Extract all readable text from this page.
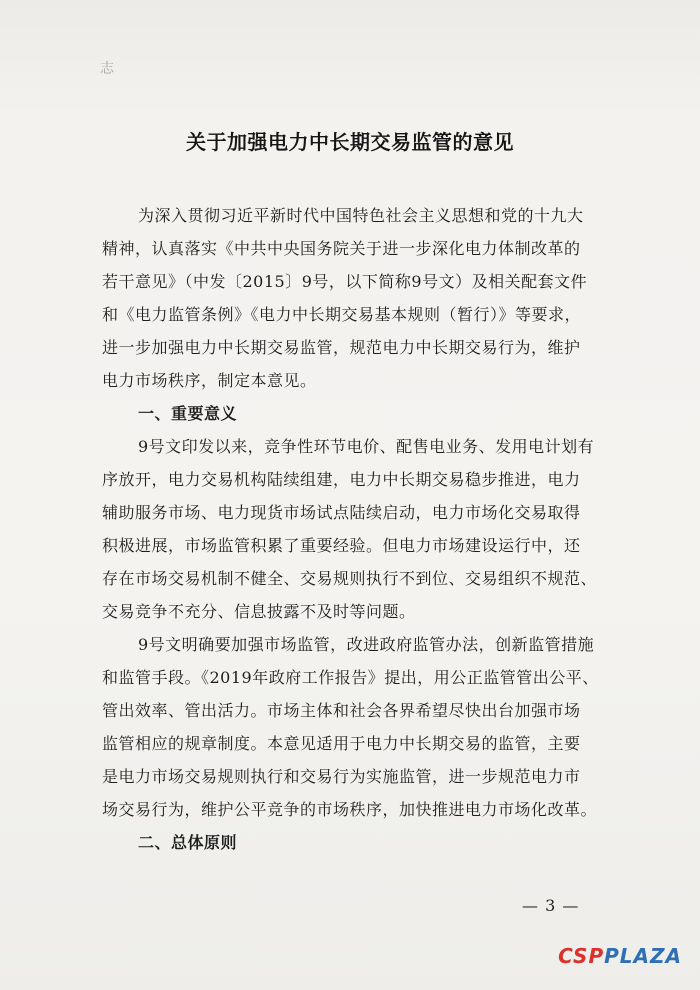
志
关于加强电力中长期交易监管的意见
为深入贯彻习近平新时代中国特色社会主义思想和党的十九大
精神，认真落实《中共中央国务院关于进一步深化电力体制改革的
若干意见》（中发〔2015〕9号，以下简称9号文）及相关配套文件
和《电力监管条例》《电力中长期交易基本规则（暂行）》等要求，
进一步加强电力中长期交易监管，规范电力中长期交易行为，维护
电力市场秩序，制定本意见。
一、重要意义
9号文印发以来，竞争性环节电价、配售电业务、发用电计划有
序放开，电力交易机构陆续组建，电力中长期交易稳步推进，电力
辅助服务市场、电力现货市场试点陆续启动，电力市场化交易取得
积极进展，市场监管积累了重要经验。但电力市场建设运行中，还
存在市场交易机制不健全、交易规则执行不到位、交易组织不规范、
交易竞争不充分、信息披露不及时等问题。
9号文明确要加强市场监管，改进政府监管办法，创新监管措施
和监管手段。《2019年政府工作报告》提出，用公正监管管出公平、
管出效率、管出活力。市场主体和社会各界希望尽快出台加强市场
监管相应的规章制度。本意见适用于电力中长期交易的监管，主要
是电力市场交易规则执行和交易行为实施监管，进一步规范电力市
场交易行为，维护公平竞争的市场秩序，加快推进电力市场化改革。
二、总体原则
— 3 —
CSPPLAZA
